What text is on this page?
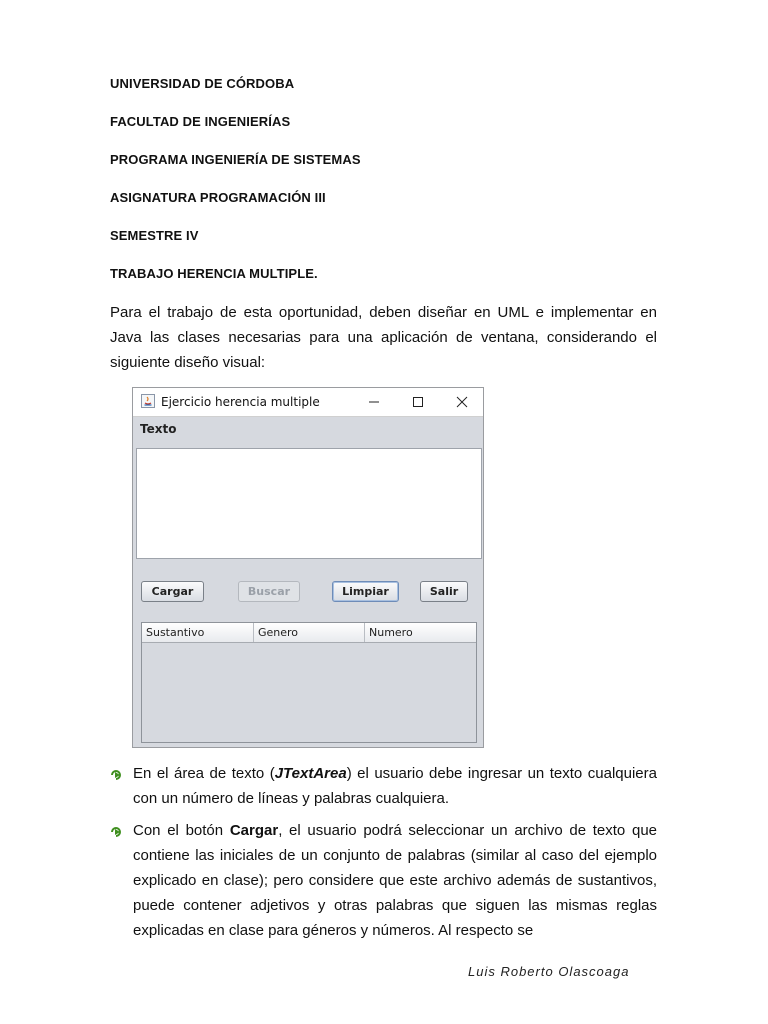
UNIVERSIDAD DE CÓRDOBA

FACULTAD DE INGENIERÍAS

PROGRAMA INGENIERÍA DE SISTEMAS

ASIGNATURA PROGRAMACIÓN III

SEMESTRE IV

TRABAJO HERENCIA MULTIPLE.

Para el trabajo de esta oportunidad, deben diseñar en UML e implementar en Java las clases necesarias para una aplicación de ventana, considerando el siguiente diseño visual:

Ejercicio herencia multiple
Texto
Cargar	Buscar	Limpiar	Salir
Sustantivo	Genero	Numero

En el área de texto (JTextArea) el usuario debe ingresar un texto cualquiera con un número de líneas y palabras cualquiera.

Con el botón Cargar, el usuario podrá seleccionar un archivo de texto que contiene las iniciales de un conjunto de palabras (similar al caso del ejemplo explicado en clase); pero considere que este archivo además de sustantivos, puede contener adjetivos y otras palabras que siguen las mismas reglas explicadas en clase para géneros y números. Al respecto se

Luis Roberto Olascoaga
